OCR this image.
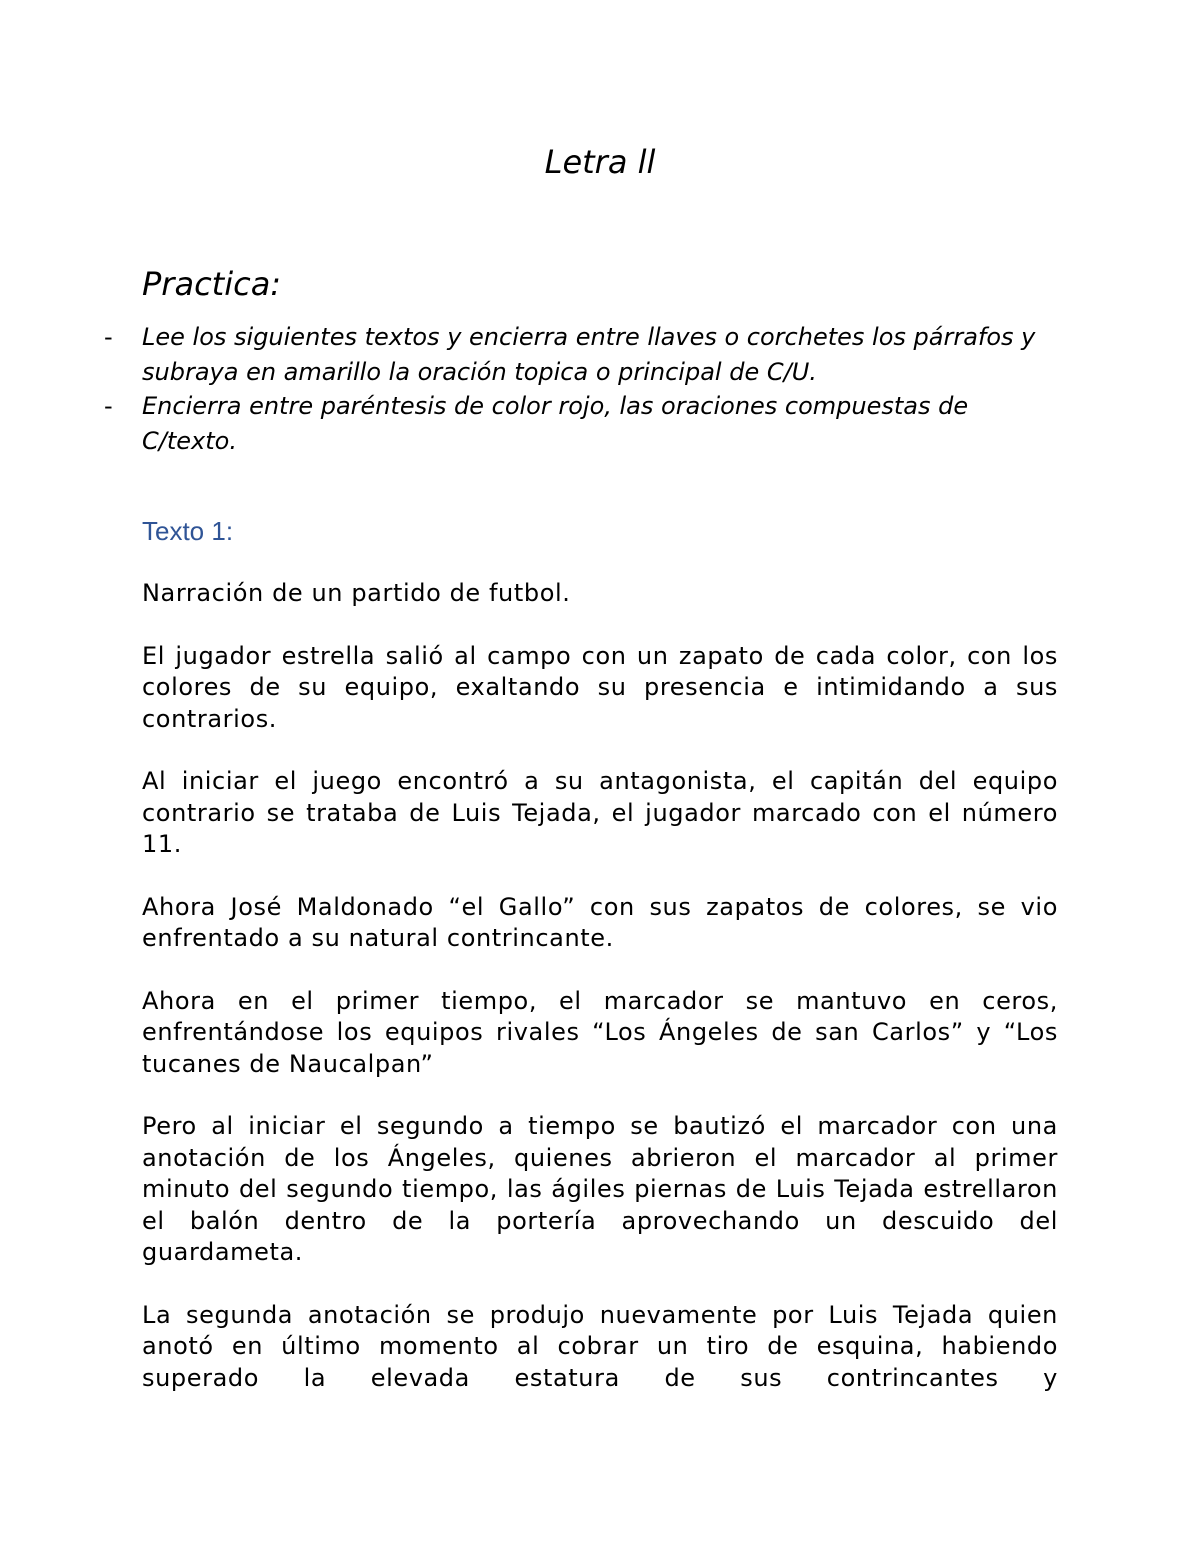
Letra ll
Practica:
- Lee los siguientes textos y encierra entre llaves o corchetes los párrafos y subraya en amarillo la oración topica o principal de C/U.
- Encierra entre paréntesis de color rojo, las oraciones compuestas de C/texto.
Texto 1:

Narración de un partido de futbol.

El jugador estrella salió al campo con un zapato de cada color, con los colores de su equipo, exaltando su presencia e intimidando a sus contrarios.

Al iniciar el juego encontró a su antagonista, el capitán del equipo contrario se trataba de Luis Tejada, el jugador marcado con el número 11.

Ahora José Maldonado “el Gallo” con sus zapatos de colores, se vio enfrentado a su natural contrincante.

Ahora en el primer tiempo, el marcador se mantuvo en ceros, enfrentándose los equipos rivales “Los Ángeles de san Carlos” y “Los tucanes de Naucalpan”

Pero al iniciar el segundo a tiempo se bautizó el marcador con una anotación de los Ángeles, quienes abrieron el marcador al primer minuto del segundo tiempo, las ágiles piernas de Luis Tejada estrellaron el balón dentro de la portería aprovechando un descuido del guardameta.

La segunda anotación se produjo nuevamente por Luis Tejada quien anotó en último momento al cobrar un tiro de esquina, habiendo superado la elevada estatura de sus contrincantes y
